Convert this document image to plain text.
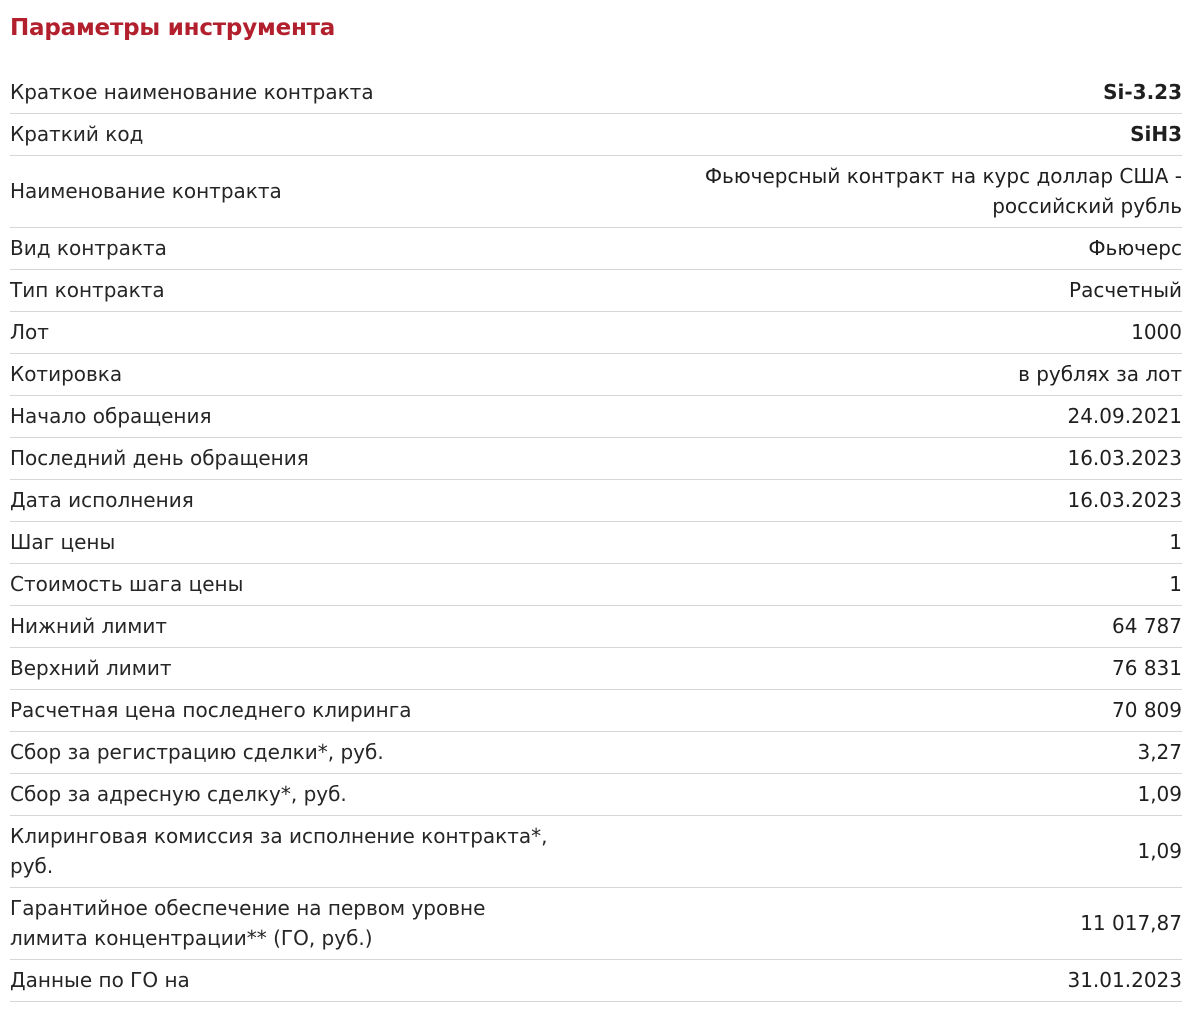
Параметры инструмента
Краткое наименование контракта	Si-3.23
Краткий код	SiH3
Наименование контракта	Фьючерсный контракт на курс доллар США -
российский рубль
Вид контракта	Фьючерс
Тип контракта	Расчетный
Лот	1000
Котировка	в рублях за лот
Начало обращения	24.09.2021
Последний день обращения	16.03.2023
Дата исполнения	16.03.2023
Шаг цены	1
Стоимость шага цены	1
Нижний лимит	64 787
Верхний лимит	76 831
Расчетная цена последнего клиринга	70 809
Сбор за регистрацию сделки*, руб.	3,27
Сбор за адресную сделку*, руб.	1,09
Клиринговая комиссия за исполнение контракта*,
руб.	1,09
Гарантийное обеспечение на первом уровне
лимита концентрации** (ГО, руб.)	11 017,87
Данные по ГО на	31.01.2023
